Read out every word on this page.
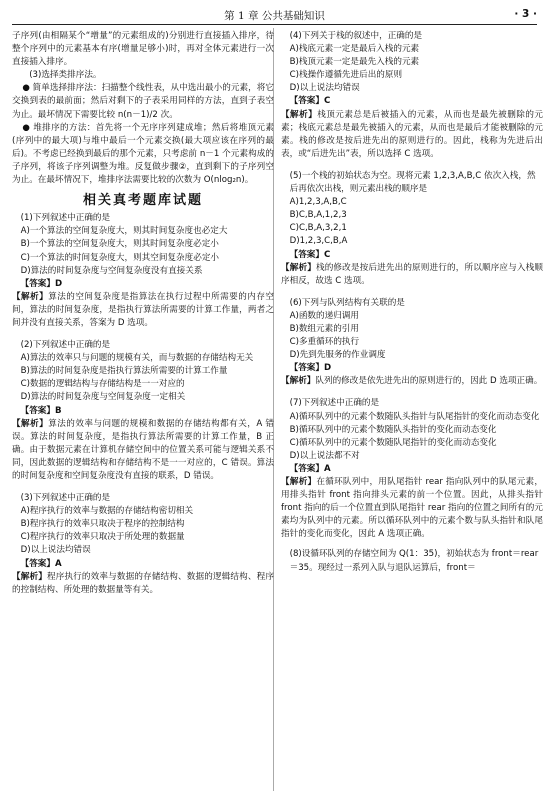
第 1 章 公共基础知识	· 3 ·

子序列(由相隔某个“增量”的元素组成的)分别进行直接插入排序，待整个序列中的元素基本有序(增量足够小)时，再对全体元素进行一次直接插入排序。

(3)选择类排序法。

● 简单选择排序法：扫描整个线性表，从中选出最小的元素，将它交换到表的最前面；然后对剩下的子表采用同样的方法，直到子表空为止。最坏情况下需要比较 n(n－1)/2 次。

● 堆排序的方法：首先将一个无序序列建成堆；然后将堆顶元素(序列中的最大项)与堆中最后一个元素交换(最大项应该在序列的最后)。不考虑已经换到最后的那个元素，只考虑前 n－1 个元素构成的子序列，将该子序列调整为堆。反复做步骤②，直到剩下的子序列空为止。在最坏情况下，堆排序法需要比较的次数为 O(nlog₂n)。

相关真考题库试题

(1)下列叙述中正确的是

A)一个算法的空间复杂度大，则其时间复杂度也必定大

B)一个算法的空间复杂度大，则其时间复杂度必定小

C)一个算法的时间复杂度大，则其空间复杂度必定小

D)算法的时间复杂度与空间复杂度没有直接关系

【答案】D

【解析】算法的空间复杂度是指算法在执行过程中所需要的内存空间，算法的时间复杂度，是指执行算法所需要的计算工作量，两者之间并没有直接关系，答案为 D 选项。

(2)下列叙述中正确的是

A)算法的效率只与问题的规模有关，而与数据的存储结构无关

B)算法的时间复杂度是指执行算法所需要的计算工作量

C)数据的逻辑结构与存储结构是一一对应的

D)算法的时间复杂度与空间复杂度一定相关

【答案】B

【解析】算法的效率与问题的规模和数据的存储结构都有关，A 错误。算法的时间复杂度，是指执行算法所需要的计算工作量，B 正确。由于数据元素在计算机存储空间中的位置关系可能与逻辑关系不同，因此数据的逻辑结构和存储结构不是一一对应的，C 错误。算法的时间复杂度和空间复杂度没有直接的联系，D 错误。

(3)下列叙述中正确的是

A)程序执行的效率与数据的存储结构密切相关

B)程序执行的效率只取决于程序的控制结构

C)程序执行的效率只取决于所处理的数据量

D)以上说法均错误

【答案】A

【解析】程序执行的效率与数据的存储结构、数据的逻辑结构、程序的控制结构、所处理的数据量等有关。

(4)下列关于栈的叙述中，正确的是

A)栈底元素一定是最后入栈的元素

B)栈顶元素一定是最先入栈的元素

C)栈操作遵循先进后出的原则

D)以上说法均错误

【答案】C

【解析】栈顶元素总是后被插入的元素，从而也是最先被删除的元素；栈底元素总是最先被插入的元素，从而也是最后才能被删除的元素。栈的修改是按后进先出的原则进行的。因此，栈称为先进后出表，或“后进先出”表，所以选择 C 选项。

(5)一个栈的初始状态为空。现将元素 1,2,3,A,B,C 依次入栈，然后再依次出栈，则元素出栈的顺序是

A)1,2,3,A,B,C

B)C,B,A,1,2,3

C)C,B,A,3,2,1

D)1,2,3,C,B,A

【答案】C

【解析】栈的修改是按后进先出的原则进行的，所以顺序应与入栈顺序相反，故选 C 选项。

(6)下列与队列结构有关联的是

A)函数的递归调用

B)数组元素的引用

C)多重循环的执行

D)先到先服务的作业调度

【答案】D

【解析】队列的修改是依先进先出的原则进行的，因此 D 选项正确。

(7)下列叙述中正确的是

A)循环队列中的元素个数随队头指针与队尾指针的变化而动态变化

B)循环队列中的元素个数随队头指针的变化而动态变化

C)循环队列中的元素个数随队尾指针的变化而动态变化

D)以上说法都不对

【答案】A

【解析】在循环队列中，用队尾指针 rear 指向队列中的队尾元素，用排头指针 front 指向排头元素的前一个位置。因此，从排头指针 front 指向的后一个位置直到队尾指针 rear 指向的位置之间所有的元素均为队列中的元素。所以循环队列中的元素个数与队头指针和队尾指针的变化而变化，因此 A 选项正确。

(8)设循环队列的存储空间为 Q(1：35)，初始状态为 front＝rear＝35。现经过一系列入队与退队运算后，front＝
